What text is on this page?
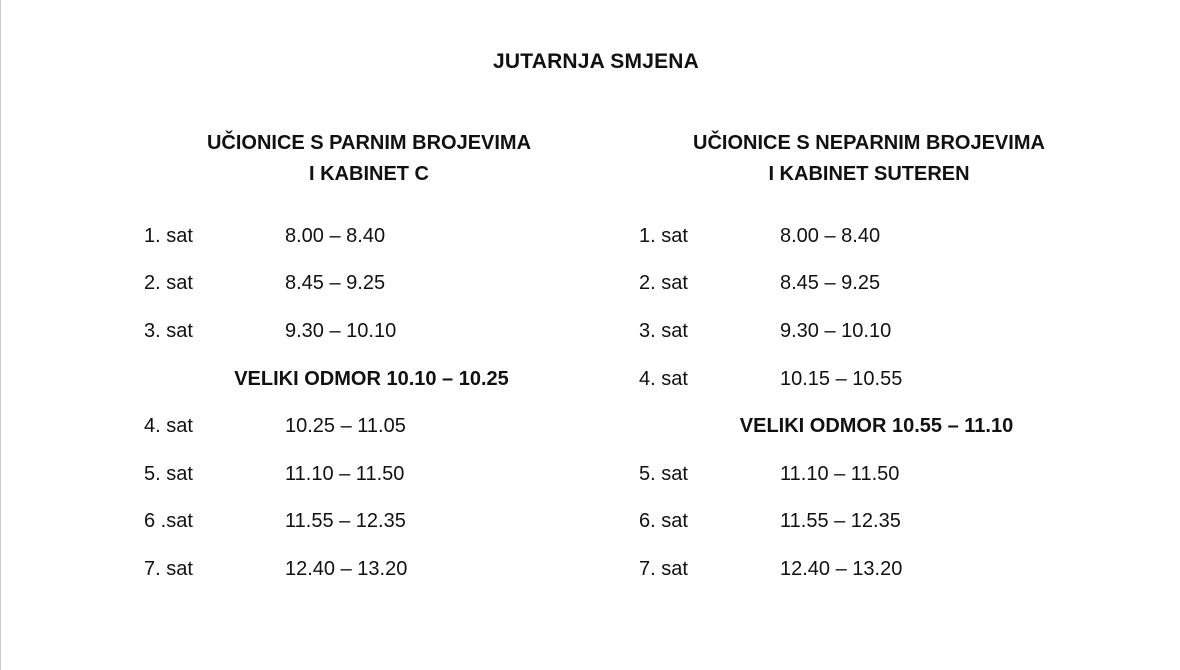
JUTARNJA SMJENA
UČIONICE S PARNIM BROJEVIMA
I KABINET C
1. sat	8.00 – 8.40
2. sat	8.45 – 9.25
3. sat	9.30 – 10.10
VELIKI ODMOR 10.10 – 10.25
4. sat	10.25 – 11.05
5. sat	11.10 – 11.50
6 .sat	11.55 – 12.35
7. sat	12.40 – 13.20
UČIONICE S NEPARNIM BROJEVIMA
I KABINET SUTEREN
1. sat	8.00 – 8.40
2. sat	8.45 – 9.25
3. sat	9.30 – 10.10
4. sat	10.15 – 10.55
VELIKI ODMOR 10.55 – 11.10
5. sat	11.10 – 11.50
6. sat	11.55 – 12.35
7. sat	12.40 – 13.20
